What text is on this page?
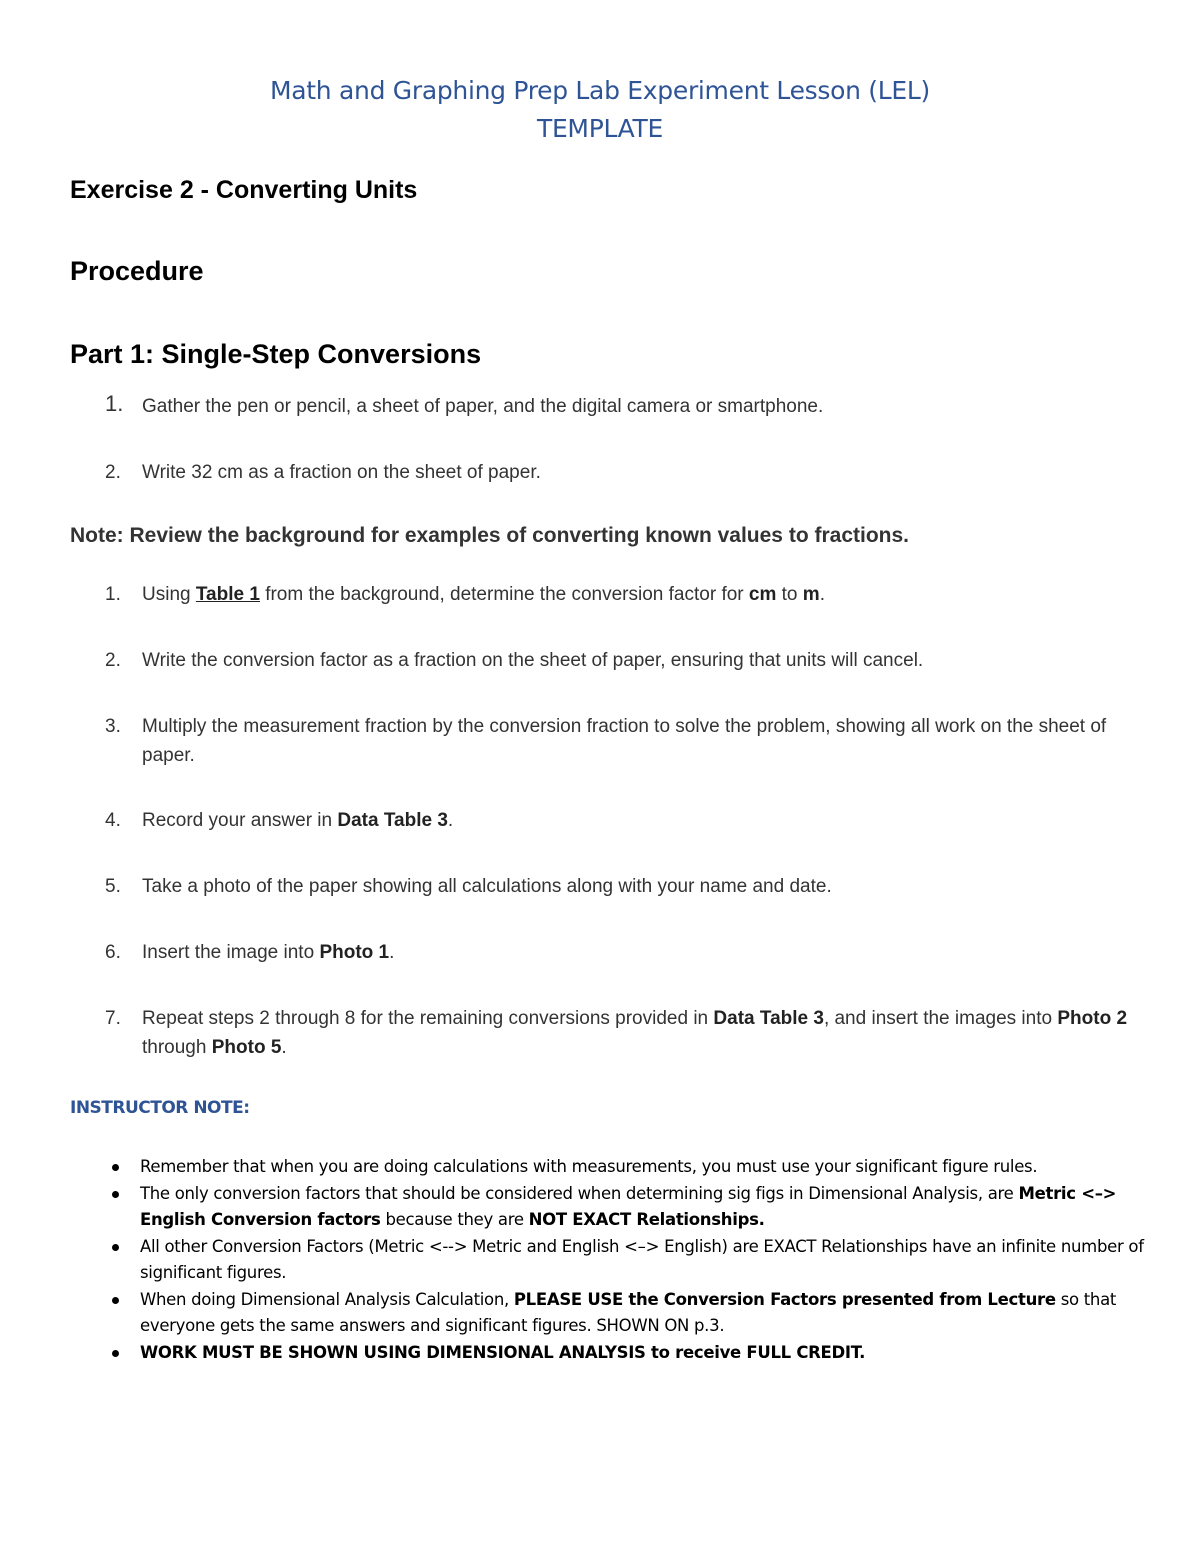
Math and Graphing Prep Lab Experiment Lesson (LEL)
TEMPLATE
Exercise 2 - Converting Units
Procedure
Part 1: Single-Step Conversions
1. Gather the pen or pencil, a sheet of paper, and the digital camera or smartphone.
2.	Write 32 cm as a fraction on the sheet of paper.
Note: Review the background for examples of converting known values to fractions.
1.	Using Table 1 from the background, determine the conversion factor for cm to m.
2.	Write the conversion factor as a fraction on the sheet of paper, ensuring that units will cancel.
3.	Multiply the measurement fraction by the conversion fraction to solve the problem, showing all work on the sheet of paper.
4.	Record your answer in Data Table 3.
5.	Take a photo of the paper showing all calculations along with your name and date.
6.	Insert the image into Photo 1.
7.	Repeat steps 2 through 8 for the remaining conversions provided in Data Table 3, and insert the images into Photo 2 through Photo 5.
INSTRUCTOR NOTE:
Remember that when you are doing calculations with measurements, you must use your significant figure rules.
The only conversion factors that should be considered when determining sig figs in Dimensional Analysis, are Metric <–> English Conversion factors because they are NOT EXACT Relationships.
All other Conversion Factors (Metric <--> Metric and English <–> English) are EXACT Relationships have an infinite number of significant figures.
When doing Dimensional Analysis Calculation, PLEASE USE the Conversion Factors presented from Lecture so that everyone gets the same answers and significant figures. SHOWN ON p.3.
WORK MUST BE SHOWN USING DIMENSIONAL ANALYSIS to receive FULL CREDIT.
